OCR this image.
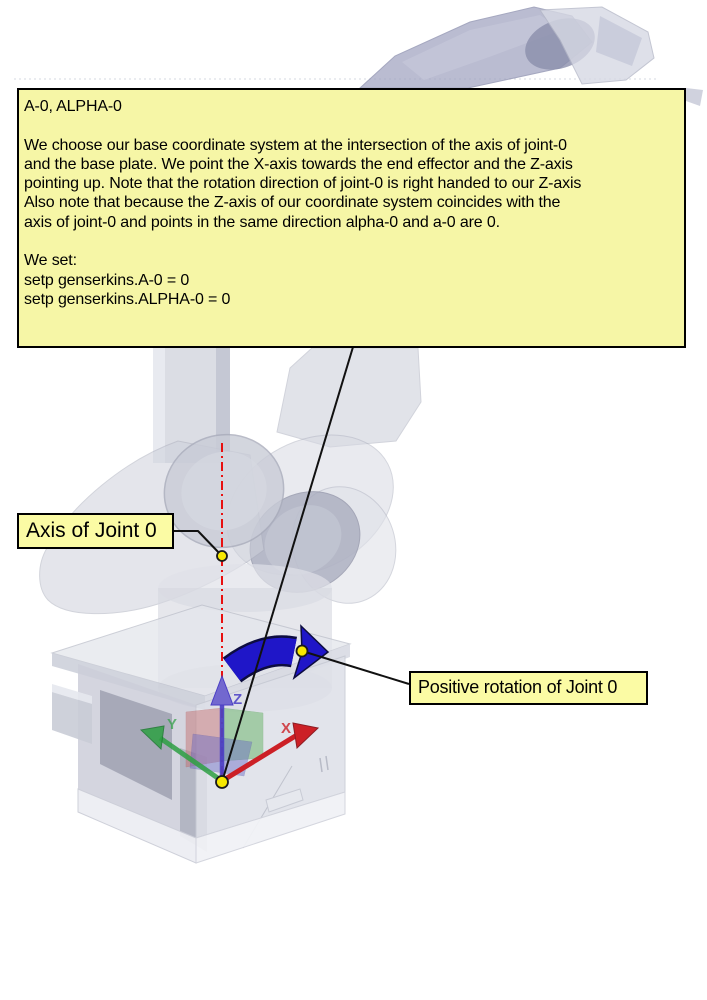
X
Y
Z
A-0, ALPHA-0

We choose our base coordinate system at the intersection of the axis of joint-0
and the base plate. We point the X-axis towards the end effector and the Z-axis
pointing up. Note that the rotation direction of joint-0 is right handed to our Z-axis
Also note that because the Z-axis of our coordinate system coincides with the
axis of joint-0 and points in the same direction alpha-0 and a-0 are 0.

We set:
setp genserkins.A-0 = 0
setp genserkins.ALPHA-0 = 0
Axis of Joint 0
Positive rotation of Joint 0
